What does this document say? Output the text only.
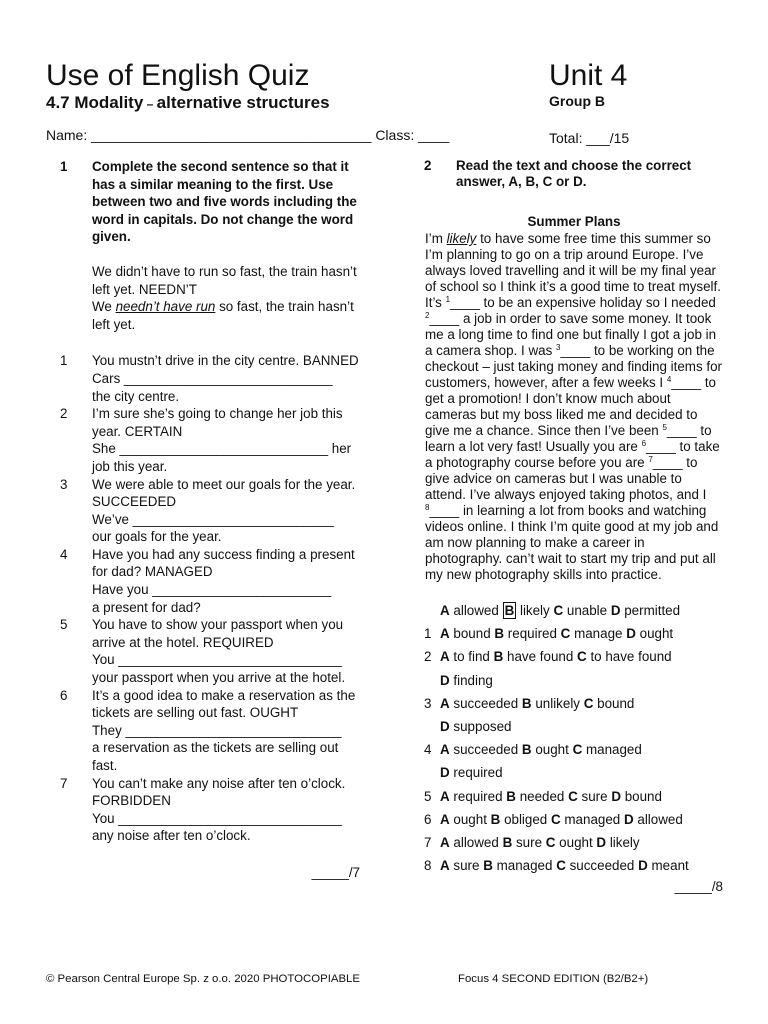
Use of English Quiz
4.7 Modality – alternative structures
Unit 4
Group B
Name: ____________________________________ Class: ____	Total: ___/15
1	Complete the second sentence so that it has a similar meaning to the first. Use between two and five words including the word in capitals. Do not change the word given.
We didn’t have to run so fast, the train hasn’t left yet. NEEDN’T
We needn’t have run so fast, the train hasn’t left yet.
1	You mustn’t drive in the city centre. BANNED
Cars ____________________________
the city centre.
2	I’m sure she’s going to change her job this year. CERTAIN
She ____________________________ her
job this year.
3	We were able to meet our goals for the year. SUCCEEDED
We’ve ___________________________
our goals for the year.
4	Have you had any success finding a present for dad? MANAGED
Have you ________________________
a present for dad?
5	You have to show your passport when you arrive at the hotel. REQUIRED
You ______________________________
your passport when you arrive at the hotel.
6	It’s a good idea to make a reservation as the tickets are selling out fast. OUGHT
They _____________________________
a reservation as the tickets are selling out fast.
7	You can’t make any noise after ten o’clock. FORBIDDEN
You ______________________________
any noise after ten o’clock.
_____/7
2	Read the text and choose the correct answer, A, B, C or D.
Summer Plans
I’m likely to have some free time this summer so I’m planning to go on a trip around Europe. I’ve always loved travelling and it will be my final year of school so I think it’s a good time to treat myself. It’s $^1$____ to be an expensive holiday so I needed $^2$____ a job in order to save some money. It took me a long time to find one but finally I got a job in a camera shop. I was $^3$____ to be working on the checkout – just taking money and finding items for customers, however, after a few weeks I $^4$____ to get a promotion! I don’t know much about cameras but my boss liked me and decided to give me a chance. Since then I’ve been $^5$____ to learn a lot very fast! Usually you are $^6$____ to take a photography course before you are $^7$____ to give advice on cameras but I was unable to attend. I’ve always enjoyed taking photos, and I $^8$____ in learning a lot from books and watching videos online. I think I’m quite good at my job and am now planning to make a career in photography. can’t wait to start my trip and put all my new photography skills into practice.
A allowed B likely C unable D permitted
1 A bound B required C manage D ought
2 A to find B have found C to have found
D finding
3 A succeeded B unlikely C bound
D supposed
4 A succeeded B ought C managed
D required
5 A required B needed C sure D bound
6 A ought B obliged C managed D allowed
7 A allowed B sure C ought D likely
8 A sure B managed C succeeded D meant
_____/8
© Pearson Central Europe Sp. z o.o. 2020 PHOTOCOPIABLE	Focus 4 SECOND EDITION (B2/B2+)
